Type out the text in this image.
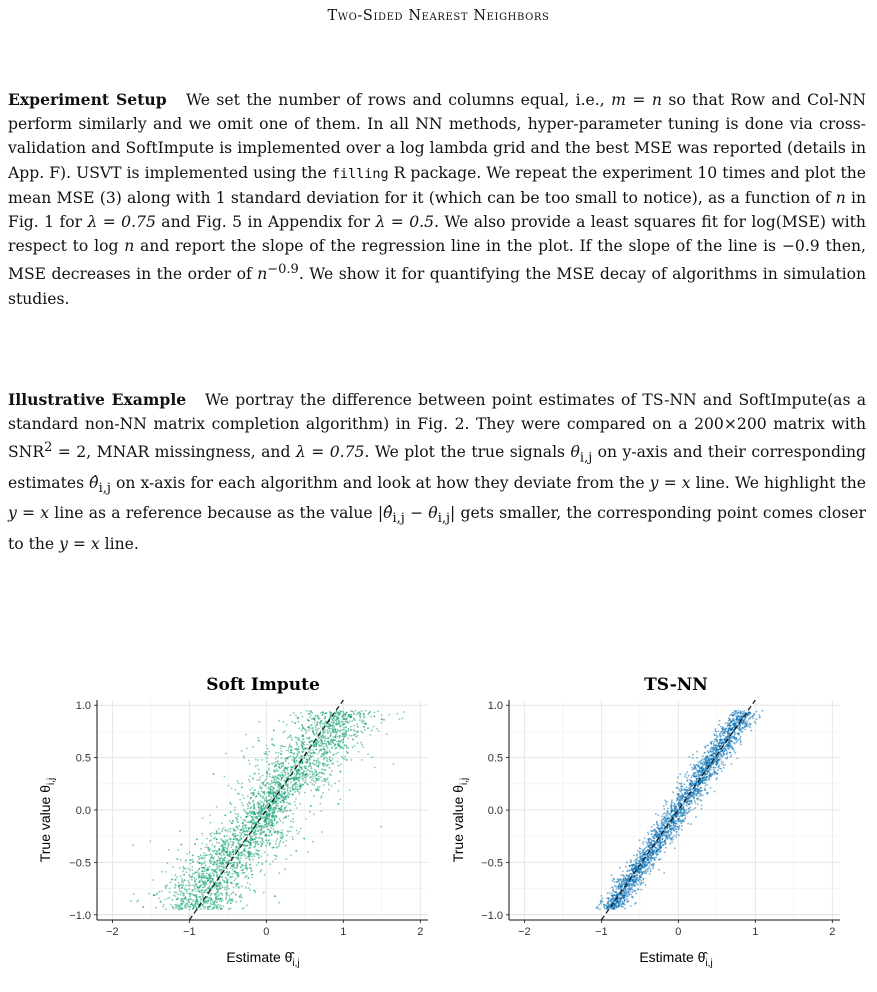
Two-Sided Nearest Neighbors

Experiment Setup We set the number of rows and columns equal, i.e., m = n so that Row and Col-NN perform similarly and we omit one of them. In all NN methods, hyper-parameter tuning is done via cross-validation and SoftImpute is implemented over a log lambda grid and the best MSE was reported (details in App. F). USVT is implemented using the filling R package. We repeat the experiment 10 times and plot the mean MSE (3) along with 1 standard deviation for it (which can be too small to notice), as a function of n in Fig. 1 for λ = 0.75 and Fig. 5 in Appendix for λ = 0.5. We also provide a least squares fit for log(MSE) with respect to log n and report the slope of the regression line in the plot. If the slope of the line is −0.9 then, MSE decreases in the order of $n^{-0.9}$. We show it for quantifying the MSE decay of algorithms in simulation studies.

Illustrative Example We portray the difference between point estimates of TS-NN and SoftImpute(as a standard non-NN matrix completion algorithm) in Fig. 2. They were compared on a 200×200 matrix with $SNR^2 = 2$, MNAR missingness, and λ = 0.75. We plot the true signals $\theta_{i,j}$ on y-axis and their corresponding estimates $\thetâ_{i,j}$ on x-axis for each algorithm and look at how they deviate from the y = x line. We highlight the y = x line as a reference because as the value $|\thetâ_{i,j} - \theta_{i,j}|$ gets smaller, the corresponding point comes closer to the y = x line.

1.0
0.5
0.0
−0.5
−1.0
−2	−1	0	1	2
Soft Impute
True value $\theta_{i,j}$
Estimate $\thetâ_{i,j}$
1.0
0.5
0.0
−0.5
−1.0
−2	−1	0	1	2
TS-NN
True value $\theta_{i,j}$
Estimate $\thetâ_{i,j}$
